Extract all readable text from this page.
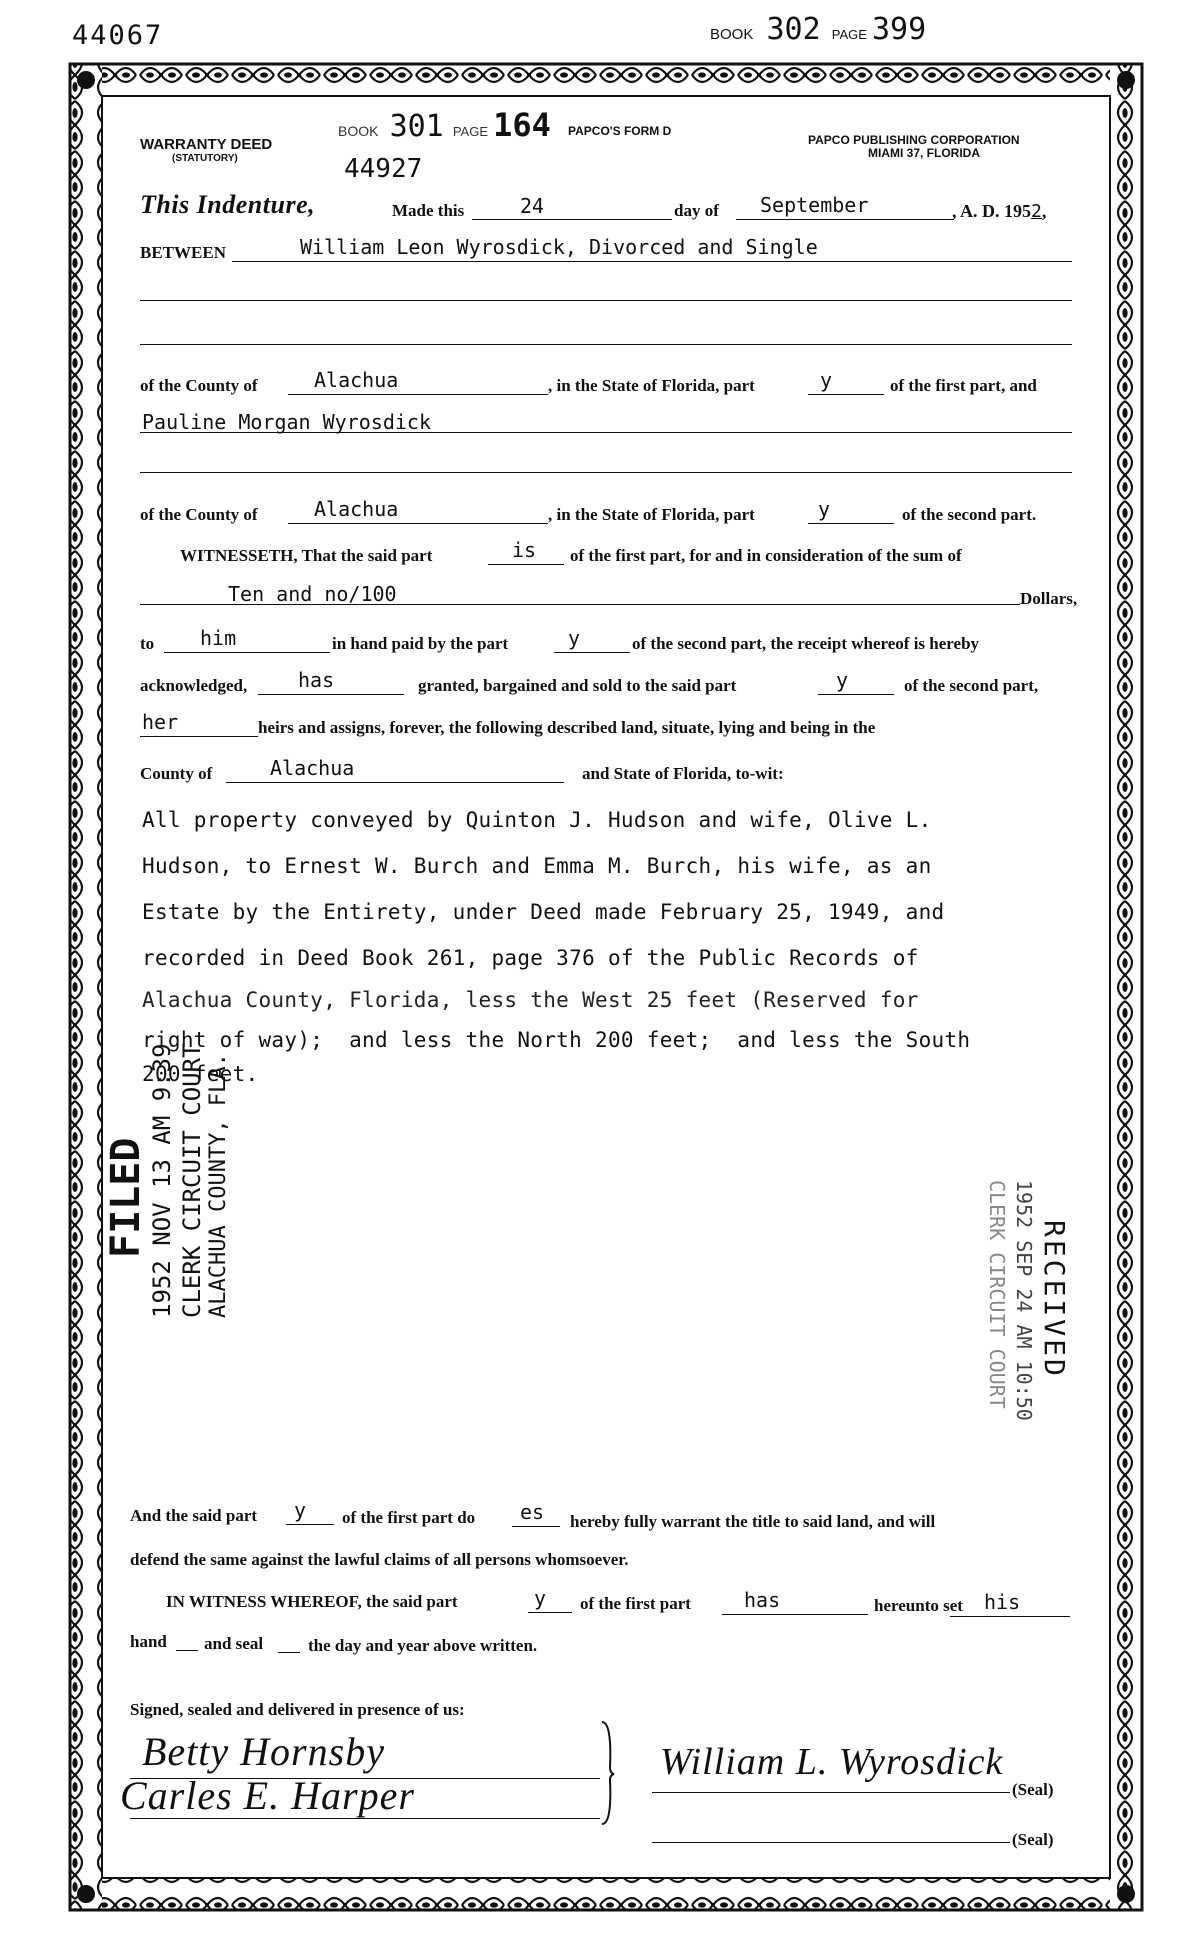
44067	BOOK 302 PAGE 399
WARRANTY DEED
(STATUTORY)
BOOK 301 PAGE 164 PAPCO'S FORM D
PAPCO PUBLISHING CORPORATION
MIAMI 37, FLORIDA
44927
This Indenture,	Made this	24	day of September	, A. D. 1952,
BETWEEN	William Leon Wyrosdick, Divorced and Single
of the County of	Alachua	, in the State of Florida, part	y	of the first part, and
Pauline Morgan Wyrosdick
of the County of	Alachua	, in the State of Florida, part	y	of the second part.
WITNESSETH, That the said part	is of the first part, for and in consideration of the sum of
Ten and no/100	Dollars,
to him	in hand paid by the part	y	of the second part, the receipt whereof is hereby
acknowledged,	has	granted, bargained and sold to the said part	y	of the second part,
her	heirs and assigns, forever, the following described land, situate, lying and being in the
County of	Alachua	and State of Florida, to-wit:
All property conveyed by Quinton J. Hudson and wife, Olive L.
Hudson, to Ernest W. Burch and Emma M. Burch, his wife, as an
Estate by the Entirety, under Deed made February 25, 1949, and
recorded in Deed Book 261, page 376 of the Public Records of
Alachua County, Florida, less the West 25 feet (Reserved for
right of way);  and less the North 200 feet;  and less the South
200 feet.
FILED 1952 NOV 13 AM 9:39 CLERK CIRCUIT COURT ALACHUA COUNTY, FLA.	RECEIVED
1952 SEP 24 AM 10:50
CLERK CIRCUIT COURT
And the said part y of the first part do es hereby fully warrant the title to said land, and will
defend the same against the lawful claims of all persons whomsoever.
IN WITNESS WHEREOF, the said part	y of the first part	has	hereunto set his
hand and seal	the day and year above written.
Signed, sealed and delivered in presence of us:
Betty Hornsby
Carles E. Harper
William L. Wyrosdick
(Seal)
(Seal)
